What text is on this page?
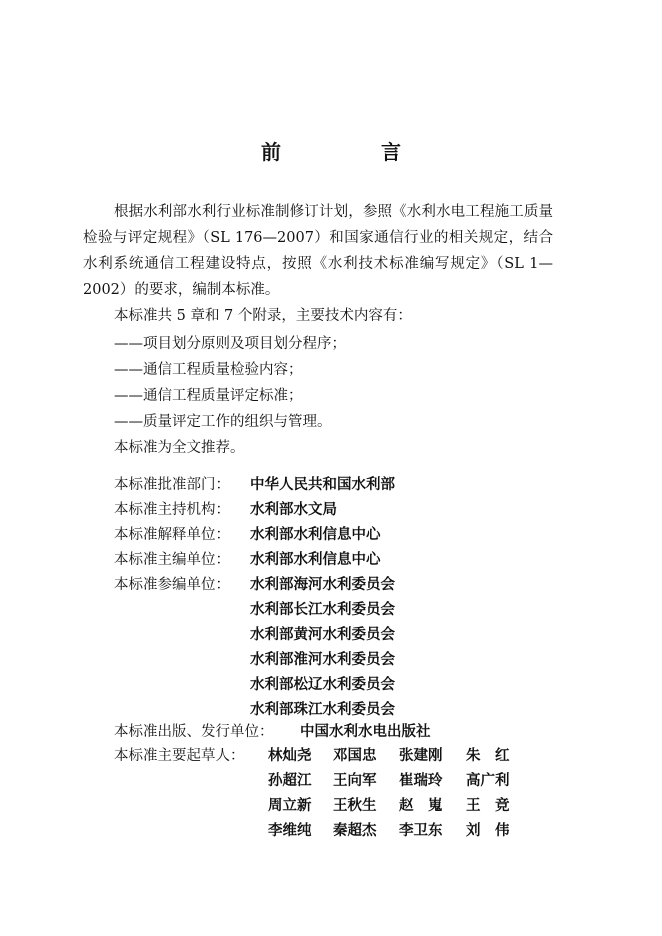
前　言

根据水利部水利行业标准制修订计划，参照《水利水电工程施工质量检验与评定规程》（SL 176—2007）和国家通信行业的相关规定，结合水利系统通信工程建设特点，按照《水利技术标准编写规定》（SL 1—2002）的要求，编制本标准。

本标准共 5 章和 7 个附录，主要技术内容有：
——项目划分原则及项目划分程序；
——通信工程质量检验内容；
——通信工程质量评定标准；
——质量评定工作的组织与管理。
本标准为全文推荐。
本标准批准部门： 中华人民共和国水利部
本标准主持机构： 水利部水文局
本标准解释单位： 水利部水利信息中心
本标准主编单位： 水利部水利信息中心
本标准参编单位： 水利部海河水利委员会
水利部长江水利委员会
水利部黄河水利委员会
水利部淮河水利委员会
水利部松辽水利委员会
水利部珠江水利委员会
本标准出版、发行单位： 中国水利水电出版社
本标准主要起草人： 林灿尧 邓国忠 张建刚 朱　红
孙超江 王向军 崔瑞玲 高广利
周立新 王秋生 赵　嵬 王　竞
李维纯 秦超杰 李卫东 刘　伟
